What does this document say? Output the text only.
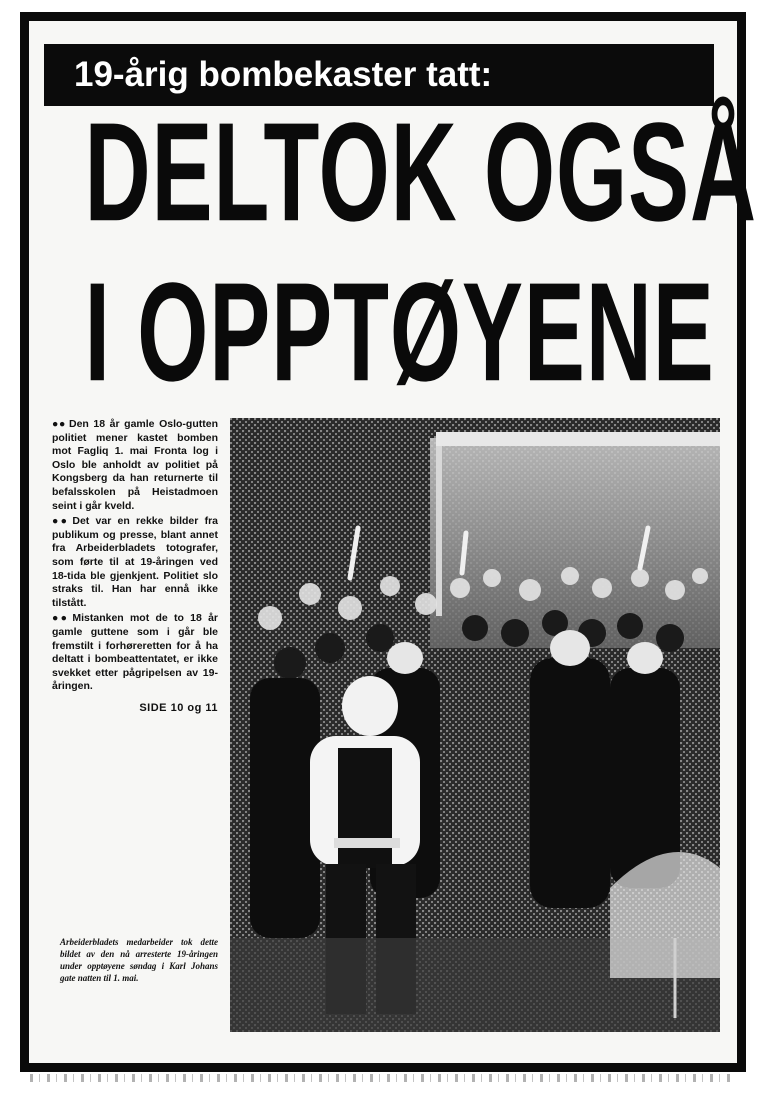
19-årig bombekaster tatt:
DELTOK OGSÅ
I OPPTØYENE

●● Den 18 år gamle Oslo-gutten politiet mener kastet bomben mot Fagliq 1. mai Fronta log i Oslo ble anholdt av politiet på Kongsberg da han returnerte til befalsskolen på Heistadmoen seint i går kveld.

●● Det var en rekke bilder fra publikum og presse, blant annet fra Arbeiderbladets totografer, som førte til at 19-åringen ved 18-tida ble gjenkjent. Politiet slo straks til. Han har ennå ikke tilstått.

●● Mistanken mot de to 18 år gamle guttene som i går ble fremstilt i forhøreretten for å ha deltatt i bombeattentatet, er ikke svekket etter pågripelsen av 19-åringen.

SIDE 10 og 11
Arbeiderbladets medarbeider tok dette bildet av den nå arresterte 19-åringen under opptøyene søndag i Karl Johans gate natten til 1. mai.
